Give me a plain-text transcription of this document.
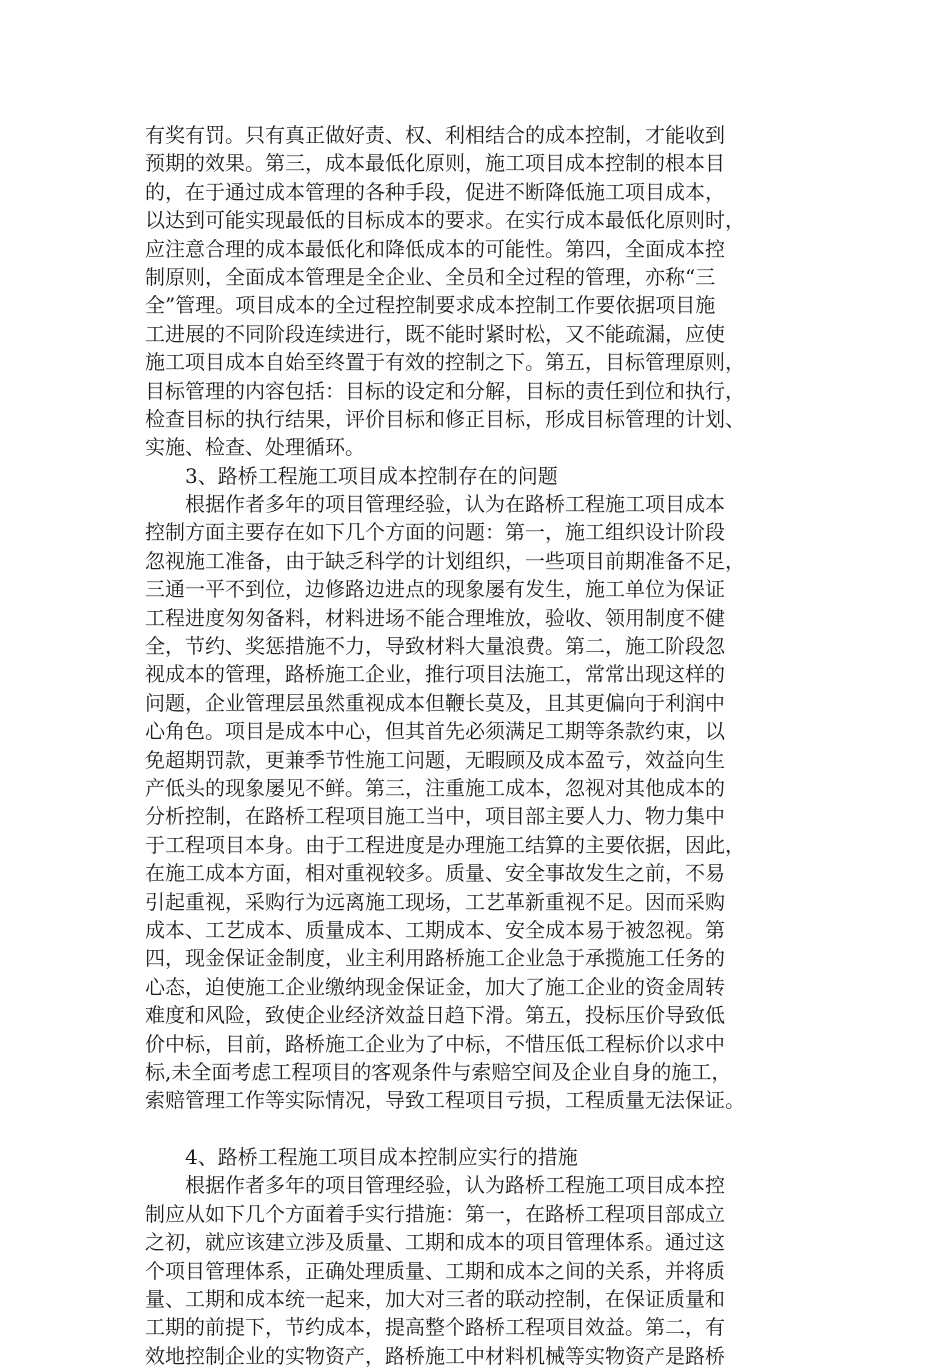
有奖有罚。只有真正做好责、权、利相结合的成本控制，才能收到
预期的效果。第三，成本最低化原则，施工项目成本控制的根本目
的，在于通过成本管理的各种手段，促进不断降低施工项目成本，
以达到可能实现最低的目标成本的要求。在实行成本最低化原则时，
应注意合理的成本最低化和降低成本的可能性。第四，全面成本控
制原则，全面成本管理是全企业、全员和全过程的管理，亦称“三
全”管理。项目成本的全过程控制要求成本控制工作要依据项目施
工进展的不同阶段连续进行，既不能时紧时松，又不能疏漏，应使
施工项目成本自始至终置于有效的控制之下。第五，目标管理原则，
目标管理的内容包括：目标的设定和分解，目标的责任到位和执行，
检查目标的执行结果，评价目标和修正目标，形成目标管理的计划、
实施、检查、处理循环。
3、路桥工程施工项目成本控制存在的问题
根据作者多年的项目管理经验，认为在路桥工程施工项目成本
控制方面主要存在如下几个方面的问题：第一，施工组织设计阶段
忽视施工准备，由于缺乏科学的计划组织，一些项目前期准备不足，
三通一平不到位，边修路边进点的现象屡有发生，施工单位为保证
工程进度匆匆备料，材料进场不能合理堆放，验收、领用制度不健
全，节约、奖惩措施不力，导致材料大量浪费。第二，施工阶段忽
视成本的管理，路桥施工企业，推行项目法施工，常常出现这样的
问题，企业管理层虽然重视成本但鞭长莫及，且其更偏向于利润中
心角色。项目是成本中心，但其首先必须满足工期等条款约束，以
免超期罚款，更兼季节性施工问题，无暇顾及成本盈亏，效益向生
产低头的现象屡见不鲜。第三，注重施工成本，忽视对其他成本的
分析控制，在路桥工程项目施工当中，项目部主要人力、物力集中
于工程项目本身。由于工程进度是办理施工结算的主要依据，因此，
在施工成本方面，相对重视较多。质量、安全事故发生之前，不易
引起重视，采购行为远离施工现场，工艺革新重视不足。因而采购
成本、工艺成本、质量成本、工期成本、安全成本易于被忽视。第
四，现金保证金制度，业主利用路桥施工企业急于承揽施工任务的
心态，迫使施工企业缴纳现金保证金，加大了施工企业的资金周转
难度和风险，致使企业经济效益日趋下滑。第五，投标压价导致低
价中标，目前，路桥施工企业为了中标，不惜压低工程标价以求中
标,未全面考虑工程项目的客观条件与索赔空间及企业自身的施工，
索赔管理工作等实际情况，导致工程项目亏损，工程质量无法保证。
4、路桥工程施工项目成本控制应实行的措施
根据作者多年的项目管理经验，认为路桥工程施工项目成本控
制应从如下几个方面着手实行措施：第一，在路桥工程项目部成立
之初，就应该建立涉及质量、工期和成本的项目管理体系。通过这
个项目管理体系，正确处理质量、工期和成本之间的关系，并将质
量、工期和成本统一起来，加大对三者的联动控制，在保证质量和
工期的前提下，节约成本，提高整个路桥工程项目效益。第二，有
效地控制企业的实物资产，路桥施工中材料机械等实物资产是路桥
